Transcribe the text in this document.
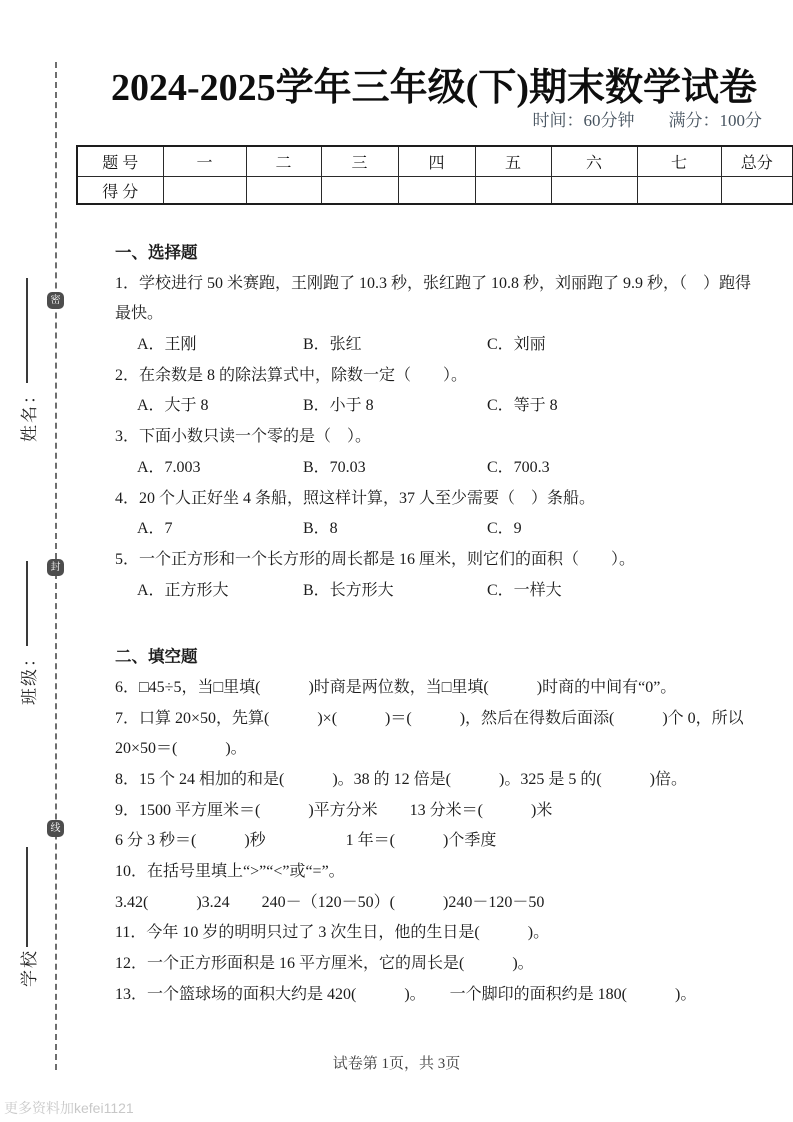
密
封
线
姓名：
班级：
学校
2024-2025学年三年级(下)期末数学试卷
时间：60分钟 满分：100分
题 号	一	二	三	四	五	六	七	总分
得 分								
一、选择题
1．学校进行 50 米赛跑，王刚跑了 10.3 秒，张红跑了 10.8 秒，刘丽跑了 9.9 秒，（　）跑得
最快。
A．王刚	B．张红	C．刘丽
2．在余数是 8 的除法算式中，除数一定（　　）。
A．大于 8	B．小于 8	C．等于 8
3．下面小数只读一个零的是（　）。
A．7.003	B．70.03	C．700.3
4．20 个人正好坐 4 条船，照这样计算，37 人至少需要（　）条船。
A．7	B．8	C．9
5．一个正方形和一个长方形的周长都是 16 厘米，则它们的面积（　　）。
A．正方形大	B．长方形大	C．一样大
二、填空题
6．□45÷5，当□里填(　　　)时商是两位数，当□里填(　　　)时商的中间有“0”。
7．口算 20×50，先算(　　　)×(　　　)＝(　　　)，然后在得数后面添(　　　)个 0，所以
20×50＝(　　　)。
8．15 个 24 相加的和是(　　　)。38 的 12 倍是(　　　)。325 是 5 的(　　　)倍。
9．1500 平方厘米＝(　　　)平方分米　　13 分米＝(　　　)米
6 分 3 秒＝(　　　)秒　　　　　1 年＝(　　　)个季度
10．在括号里填上“>”“<”或“=”。
3.42(　　　)3.24　　240－（120－50）(　　　)240－120－50
11．今年 10 岁的明明只过了 3 次生日，他的生日是(　　　)。
12．一个正方形面积是 16 平方厘米，它的周长是(　　　)。
13．一个篮球场的面积大约是 420(　　　)。　　一个脚印的面积约是 180(　　　)。
试卷第 1页，共 3页
更多资料加kefei1121
